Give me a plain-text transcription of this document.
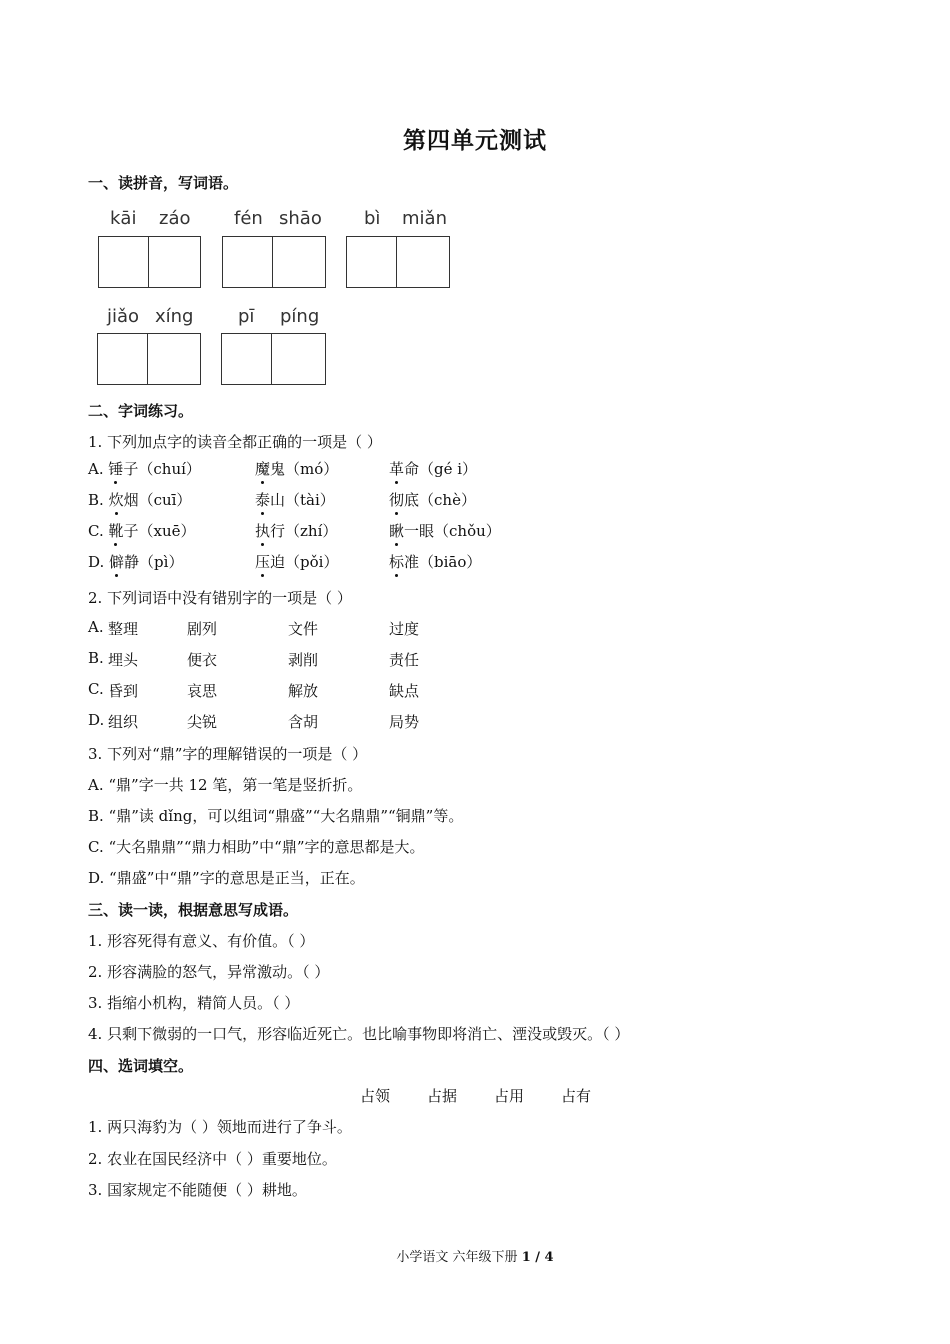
第四单元测试
一、读拼音，写词语。
kāi záo fén shāo bì miǎn
jiǎo xíng pī píng
二、字词练习。
1. 下列加点字的读音全都正确的一项是（ ）
A. 锤子（chuí）	魔鬼（mó）	革命（gé i）
B. 炊烟（cuī）	泰山（tài）	彻底（chè）
C. 靴子（xuē）	执行（zhí）	瞅一眼（chǒu）
D. 僻静（pì）	压迫（pǒi）	标准（biāo）
2. 下列词语中没有错别字的一项是（ ）
A. 整理	剧列	文件	过度
B. 埋头	便衣	剥削	责任
C. 昏到	哀思	解放	缺点
D. 组织	尖锐	含胡	局势
3. 下列对“鼎”字的理解错误的一项是（ ）
A. “鼎”字一共 12 笔，第一笔是竖折折。
B. “鼎”读 dǐng，可以组词“鼎盛”“大名鼎鼎”“铜鼎”等。
C. “大名鼎鼎”“鼎力相助”中“鼎”字的意思都是大。
D. “鼎盛”中“鼎”字的意思是正当，正在。
三、读一读，根据意思写成语。
1. 形容死得有意义、有价值。（ ）
2. 形容满脸的怒气，异常激动。（ ）
3. 指缩小机构，精简人员。（ ）
4. 只剩下微弱的一口气，形容临近死亡。也比喻事物即将消亡、湮没或毁灭。（ ）
四、选词填空。
占领 占据 占用 占有
1. 两只海豹为（ ）领地而进行了争斗。
2. 农业在国民经济中（ ）重要地位。
3. 国家规定不能随便（ ）耕地。
小学语文 六年级下册 1 / 4
